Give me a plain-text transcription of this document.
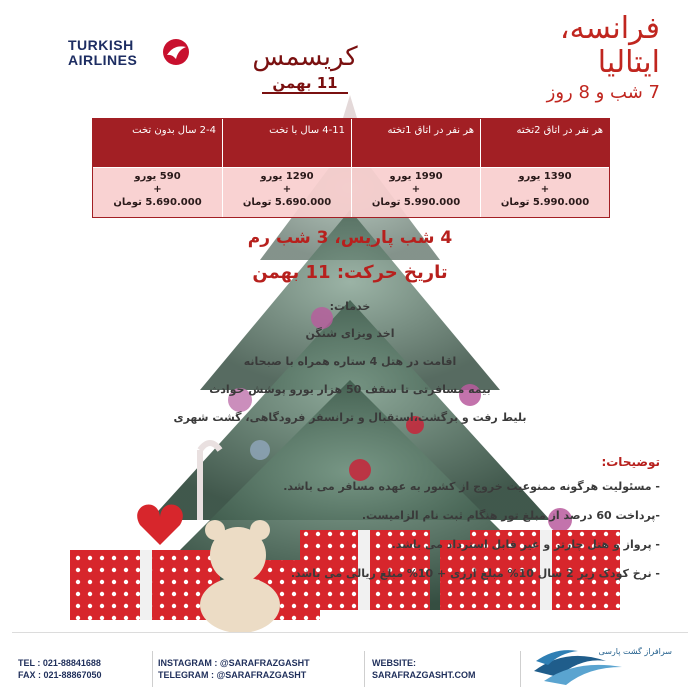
TURKISH
AIRLINES
فرانسه،
ایتالیا
7 شب و 8 روز
کریسمس
11 بهمن
هر نفر در اتاق 2تخته
1390 یورو
+
5.990.000 تومان
هر نفر در اتاق 1تخته
1990 یورو
+
5.990.000 تومان
4-11 سال با تخت
1290 یورو
+
5.690.000 تومان
2-4 سال بدون تخت
590 یورو
+
5.690.000 تومان
4 شب پاریس، 3 شب رم
تاریخ حرکت: 11 بهمن
خدمات:
اخذ ویزای شنگن
اقامت در هتل 4 ستاره همراه با صبحانه
بیمه مسافرتی تا سقف 50 هزار یورو پوشش حوادث
بلیط رفت و برگشت،استقبال و ترانسفر فرودگاهی، گشت شهری
توضیحات:
- مسئولیت هرگونه ممنوعیت خروج از کشور به عهده مسافر می باشد.
-پرداخت 60 درصد از مبلغ تور هنگام ثبت نام الزامیست.
- پرواز و هتل چارتر و غیر قابل استرداد می باشد.
- نرخ کودک زیر 2 سال 10% مبلغ ارزی + 10% مبلغ ریالی می باشد.
TEL : 021-88841688
FAX : 021-88867050
INSTAGRAM : @SARAFRAZGASHT
TELEGRAM : @SARAFRAZGASHT
WEBSITE:
SARAFRAZGASHT.COM
سرافراز گشت پارسی
